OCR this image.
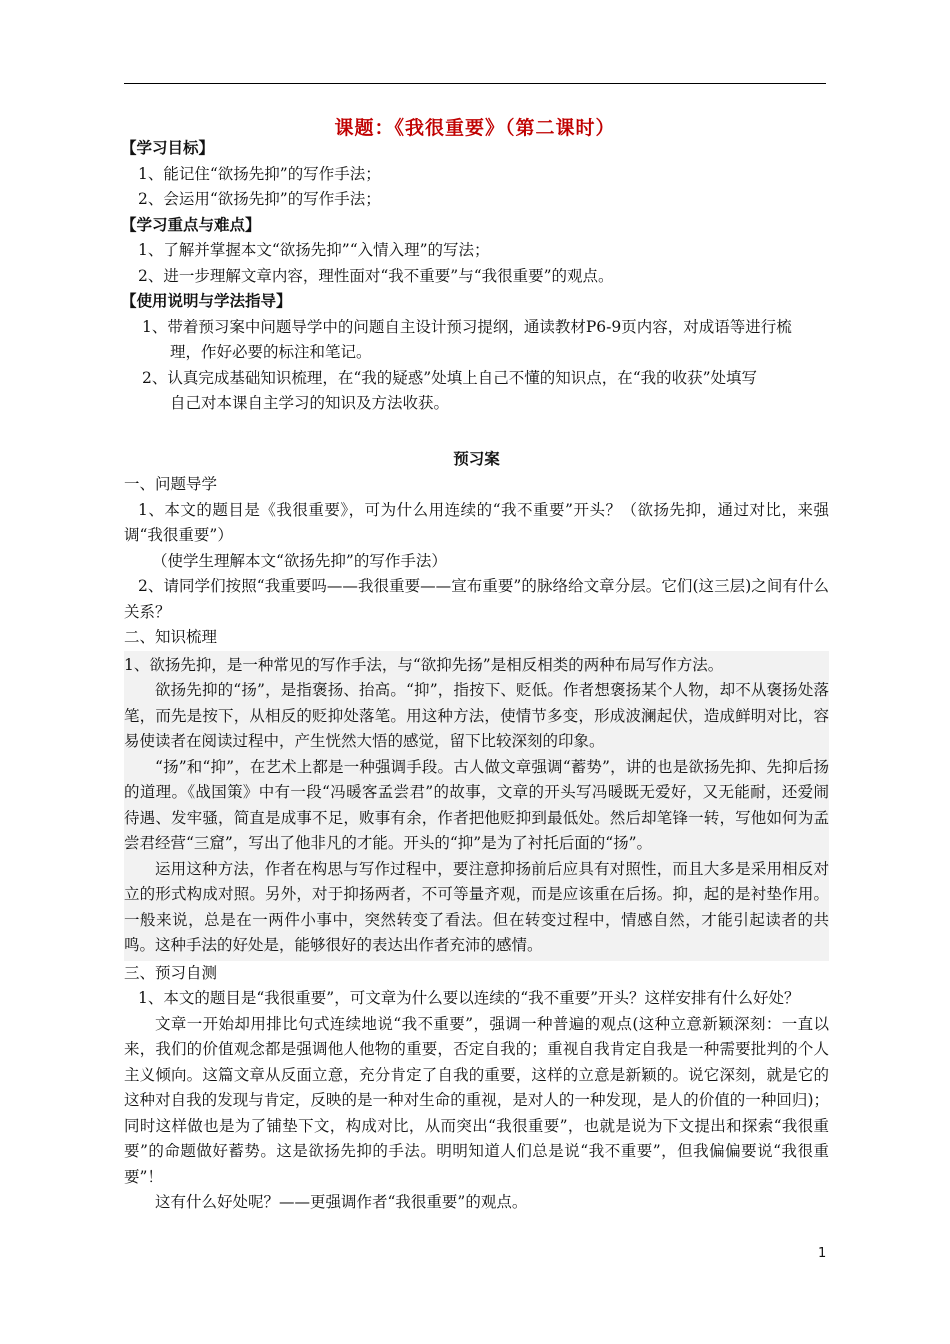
课题：《我很重要》（第二课时）

【学习目标】

1、能记住“欲扬先抑”的写作手法；

2、会运用“欲扬先抑”的写作手法；

【学习重点与难点】

1、了解并掌握本文“欲扬先抑”“入情入理”的写法；

2、进一步理解文章内容，理性面对“我不重要”与“我很重要”的观点。

【使用说明与学法指导】

1、带着预习案中问题导学中的问题自主设计预习提纲，通读教材P6-9页内容，对成语等进行梳
理，作好必要的标注和笔记。

2、认真完成基础知识梳理，在“我的疑惑”处填上自己不懂的知识点，在“我的收获”处填写
自己对本课自主学习的知识及方法收获。

预习案

一、问题导学

1、本文的题目是《我很重要》，可为什么用连续的“我不重要”开头？（欲扬先抑，通过对比，来强调“我很重要”）

（使学生理解本文“欲扬先抑”的写作手法）

2、请同学们按照“我重要吗——我很重要——宣布重要”的脉络给文章分层。它们(这三层)之间有什么关系？

二、知识梳理

1、欲扬先抑，是一种常见的写作手法，与“欲抑先扬”是相反相类的两种布局写作方法。

欲扬先抑的“扬”，是指褒扬、抬高。“抑”，指按下、贬低。作者想褒扬某个人物，却不从褒扬处落笔，而先是按下，从相反的贬抑处落笔。用这种方法，使情节多变，形成波澜起伏，造成鲜明对比，容易使读者在阅读过程中，产生恍然大悟的感觉，留下比较深刻的印象。

“扬”和“抑”，在艺术上都是一种强调手段。古人做文章强调“蓄势”，讲的也是欲扬先抑、先抑后扬的道理。《战国策》中有一段“冯暖客孟尝君”的故事，文章的开头写冯暖既无爱好，又无能耐，还爱闹待遇、发牢骚，简直是成事不足，败事有余，作者把他贬抑到最低处。然后却笔锋一转，写他如何为孟尝君经营“三窟”，写出了他非凡的才能。开头的“抑”是为了衬托后面的“扬”。

运用这种方法，作者在构思与写作过程中，要注意抑扬前后应具有对照性，而且大多是采用相反对立的形式构成对照。另外，对于抑扬两者，不可等量齐观，而是应该重在后扬。抑，起的是衬垫作用。一般来说，总是在一两件小事中，突然转变了看法。但在转变过程中，情感自然，才能引起读者的共鸣。这种手法的好处是，能够很好的表达出作者充沛的感情。

三、预习自测

1、本文的题目是“我很重要”，可文章为什么要以连续的“我不重要”开头？这样安排有什么好处？

文章一开始却用排比句式连续地说“我不重要”，强调一种普遍的观点(这种立意新颖深刻：一直以来，我们的价值观念都是强调他人他物的重要，否定自我的；重视自我肯定自我是一种需要批判的个人主义倾向。这篇文章从反面立意，充分肯定了自我的重要，这样的立意是新颖的。说它深刻，就是它的这种对自我的发现与肯定，反映的是一种对生命的重视，是对人的一种发现，是人的价值的一种回归)；同时这样做也是为了铺垫下文，构成对比，从而突出“我很重要”，也就是说为下文提出和探索“我很重要”的命题做好蓄势。这是欲扬先抑的手法。明明知道人们总是说“我不重要”，但我偏偏要说“我很重要”！

这有什么好处呢？——更强调作者“我很重要”的观点。

1
